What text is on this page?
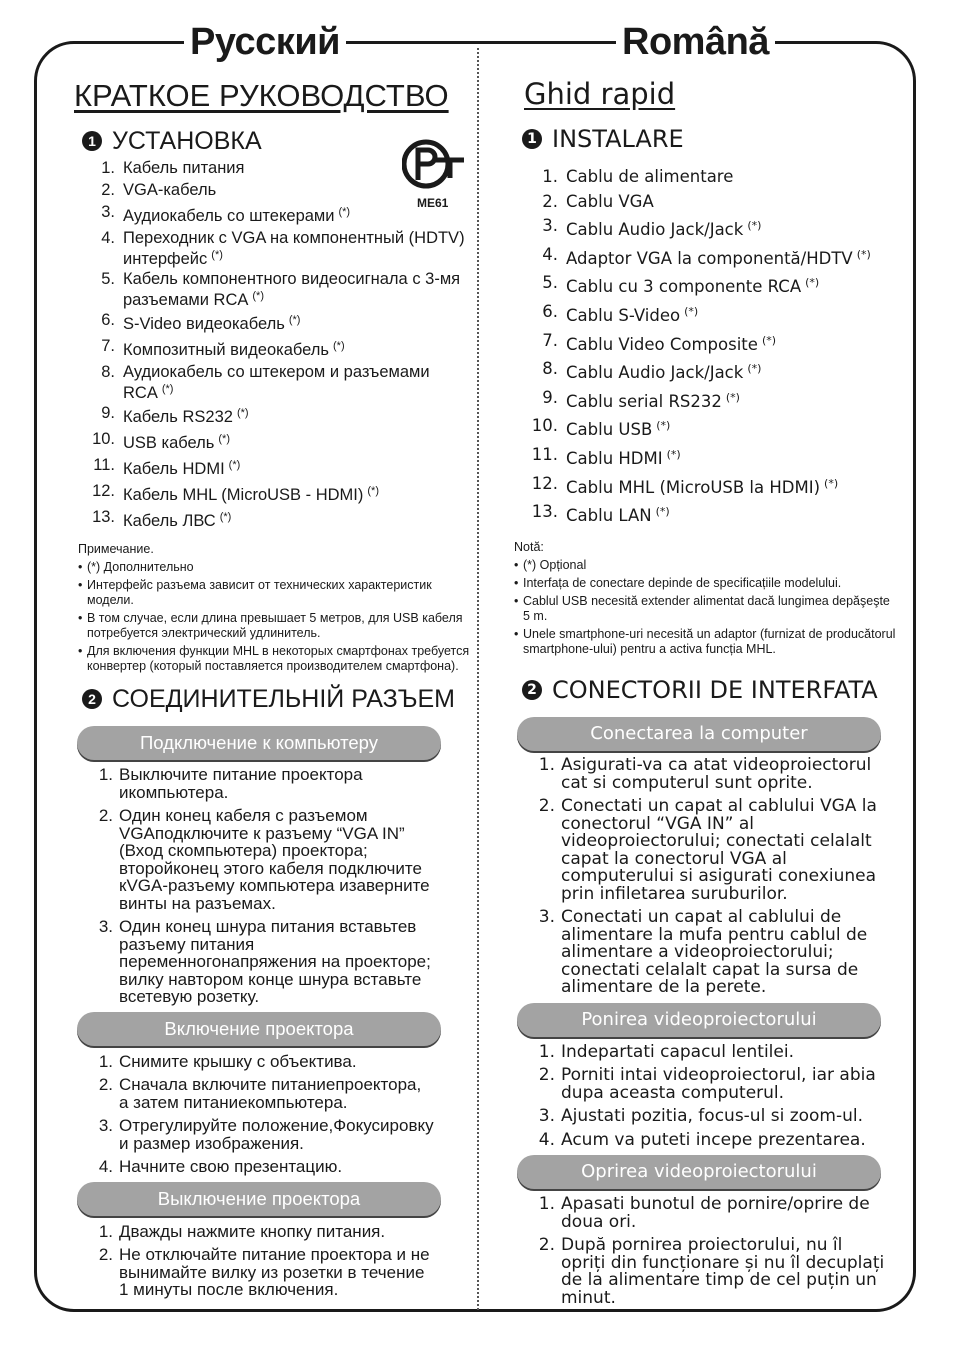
Русский	Română
КРАТКОЕ РУКОВОДСТВО
1 УСТАНОВКА
ME61
1. Кабель питания
2. VGA-кабель
3. Аудиокабель со штекерами (*)
4. Переходник с VGA на компонентный (HDTV) интерфейс (*)
5. Кабель компонентного видеосигнала с 3-мя разъемами RCA (*)
6. S-Video видеокабель (*)
7. Композитный видеокабель (*)
8. Аудиокабель со штекером и разъемами RCA (*)
9. Кабель RS232 (*)
10. USB кабель (*)
11. Кабель HDMI (*)
12. Кабель MHL (MicroUSB - HDMI) (*)
13. Кабель ЛВС (*)
Примечание.
• (*) Дополнительно
• Интерфейс разъема зависит от технических характеристик модели.
• В том случае, если длина превышает 5 метров, для USB кабеля потребуется электрический удлинитель.
• Для включения функции MHL в некоторых смартфонах требуется конвертер (который поставляется производителем смартфона).
2 СОЕДИНИТЕЛЬНІЙ РАЗЪЕМ
Подключение к компьютеру
1. Выключите питание проектора икомпьютера.
2. Один конец кабеля с разъемом VGAподключите к разъему “VGA IN” (Вход скомпьютера) проектора; второйконец этого кабеля подключите кVGA-разъему компьютера изаверните винты на разъемах.
3. Один конец шнура питания вставьтев разъему питания переменногонапряжения на проекторе; вилку навтором конце шнура вставьте всетевую розетку.
Включение проектора
1. Снимите крышку с объектива.
2. Сначала включите питаниепроектора, а затем питаниекомпьютера.
3. Отрегулируйте положение,Фокусировку и размер изображения.
4. Начните свою презентацию.
Выключение проектора
1. Дважды нажмите кнопку питания.
2. Не отключайте питание проектора и не вынимайте вилку из розетки в течение 1 минуты после включения.
Ghid rapid
1 INSTALARE
1. Cablu de alimentare
2. Cablu VGA
3. Cablu Audio Jack/Jack (*)
4. Adaptor VGA la componentă/HDTV (*)
5. Cablu cu 3 componente RCA (*)
6. Cablu S-Video (*)
7. Cablu Video Composite (*)
8. Cablu Audio Jack/Jack (*)
9. Cablu serial RS232 (*)
10. Cablu USB (*)
11. Cablu HDMI (*)
12. Cablu MHL (MicroUSB la HDMI) (*)
13. Cablu LAN (*)
Notă:
• (*) Opțional
• Interfața de conectare depinde de specificațiile modelului.
• Cablul USB necesită extender alimentat dacă lungimea depăşeşte 5 m.
• Unele smartphone-uri necesită un adaptor (furnizat de producătorul smartphone-ului) pentru a activa funcția MHL.
2 CONECTORII DE INTERFATA
Conectarea la computer
1. Asigurati-va ca atat videoproiectorul cat si computerul sunt oprite.
2. Conectati un capat al cablului VGA la conectorul “VGA IN” al videoproiectorului; conectati celalalt capat la conectorul VGA al computerului si asigurati conexiunea prin infiletarea suruburilor.
3. Conectati un capat al cablului de alimentare la mufa pentru cablul de alimentare a videoproiectorului; conectati celalalt capat la sursa de alimentare de la perete.
Ponirea videoproiectorului
1. Indepartati capacul lentilei.
2. Porniti intai videoproiectorul, iar abia dupa aceasta computerul.
3. Ajustati pozitia, focus-ul si zoom-ul.
4. Acum va puteti incepe prezentarea.
Oprirea videoproiectorului
1. Apasati bunotul de pornire/oprire de doua ori.
2. După pornirea proiectorului, nu îl opriți din funcționare și nu îl decuplați de la alimentare timp de cel puțin un minut.
